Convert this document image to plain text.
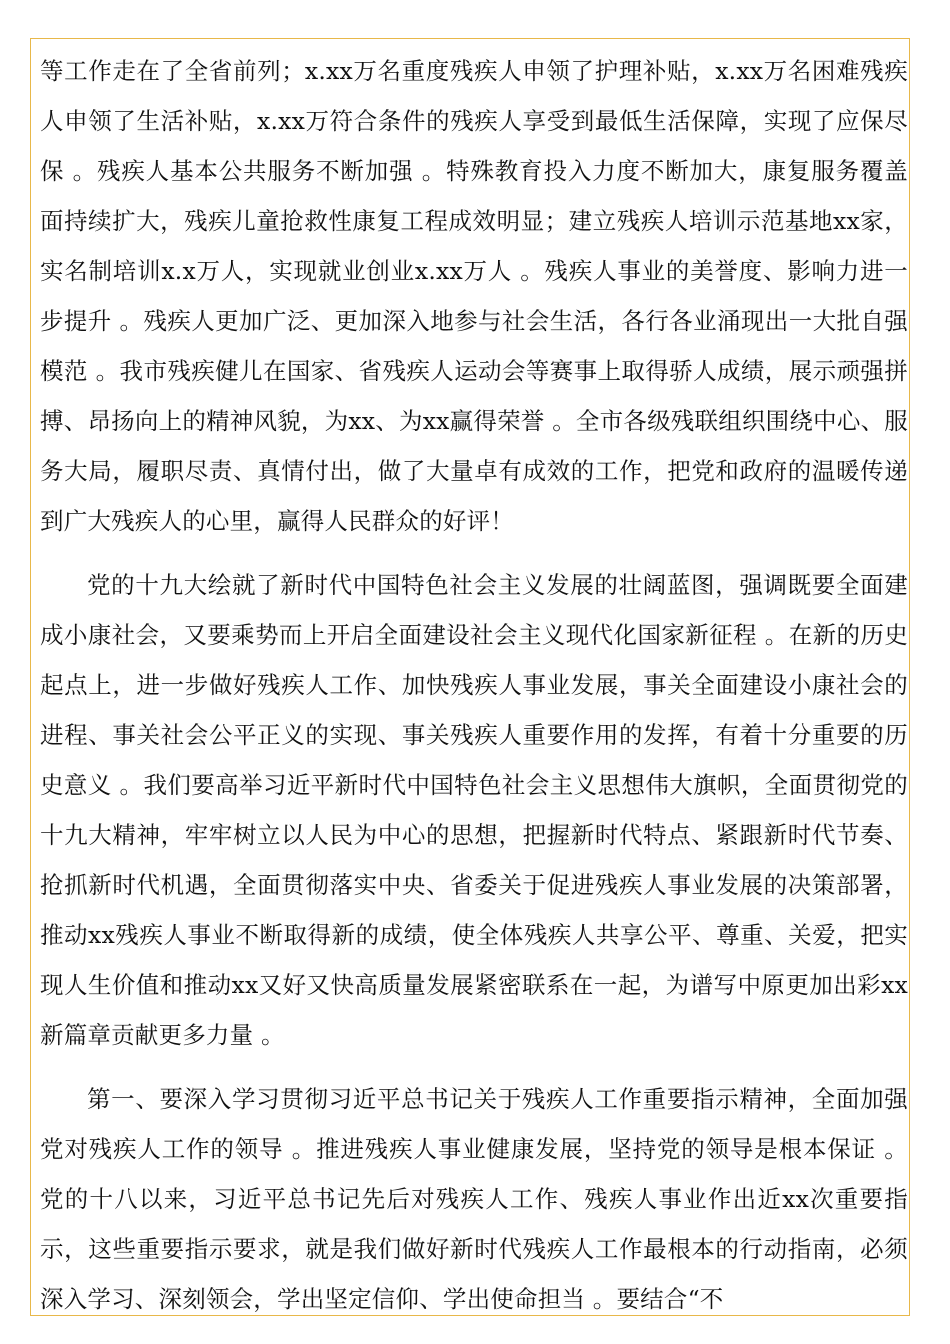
等工作走在了全省前列；x.xx万名重度残疾人申领了护理补贴，x.xx万名困难残疾人申领了生活补贴，x.xx万符合条件的残疾人享受到最低生活保障，实现了应保尽保 。残疾人基本公共服务不断加强 。特殊教育投入力度不断加大，康复服务覆盖面持续扩大，残疾儿童抢救性康复工程成效明显；建立残疾人培训示范基地xx家，实名制培训x.x万人，实现就业创业x.xx万人 。残疾人事业的美誉度、影响力进一步提升 。残疾人更加广泛、更加深入地参与社会生活，各行各业涌现出一大批自强模范 。我市残疾健儿在国家、省残疾人运动会等赛事上取得骄人成绩，展示顽强拼搏、昂扬向上的精神风貌，为xx、为xx赢得荣誉 。全市各级残联组织围绕中心、服务大局，履职尽责、真情付出，做了大量卓有成效的工作，把党和政府的温暖传递到广大残疾人的心里，赢得人民群众的好评！

党的十九大绘就了新时代中国特色社会主义发展的壮阔蓝图，强调既要全面建成小康社会，又要乘势而上开启全面建设社会主义现代化国家新征程 。在新的历史起点上，进一步做好残疾人工作、加快残疾人事业发展，事关全面建设小康社会的进程、事关社会公平正义的实现、事关残疾人重要作用的发挥，有着十分重要的历史意义 。我们要高举习近平新时代中国特色社会主义思想伟大旗帜，全面贯彻党的十九大精神，牢牢树立以人民为中心的思想，把握新时代特点、紧跟新时代节奏、抢抓新时代机遇，全面贯彻落实中央、省委关于促进残疾人事业发展的决策部署，推动xx残疾人事业不断取得新的成绩，使全体残疾人共享公平、尊重、关爱，把实现人生价值和推动xx又好又快高质量发展紧密联系在一起，为谱写中原更加出彩xx新篇章贡献更多力量 。

第一、要深入学习贯彻习近平总书记关于残疾人工作重要指示精神，全面加强党对残疾人工作的领导 。推进残疾人事业健康发展，坚持党的领导是根本保证 。党的十八以来，习近平总书记先后对残疾人工作、残疾人事业作出近xx次重要指示，这些重要指示要求，就是我们做好新时代残疾人工作最根本的行动指南，必须深入学习、深刻领会，学出坚定信仰、学出使命担当 。要结合“不
